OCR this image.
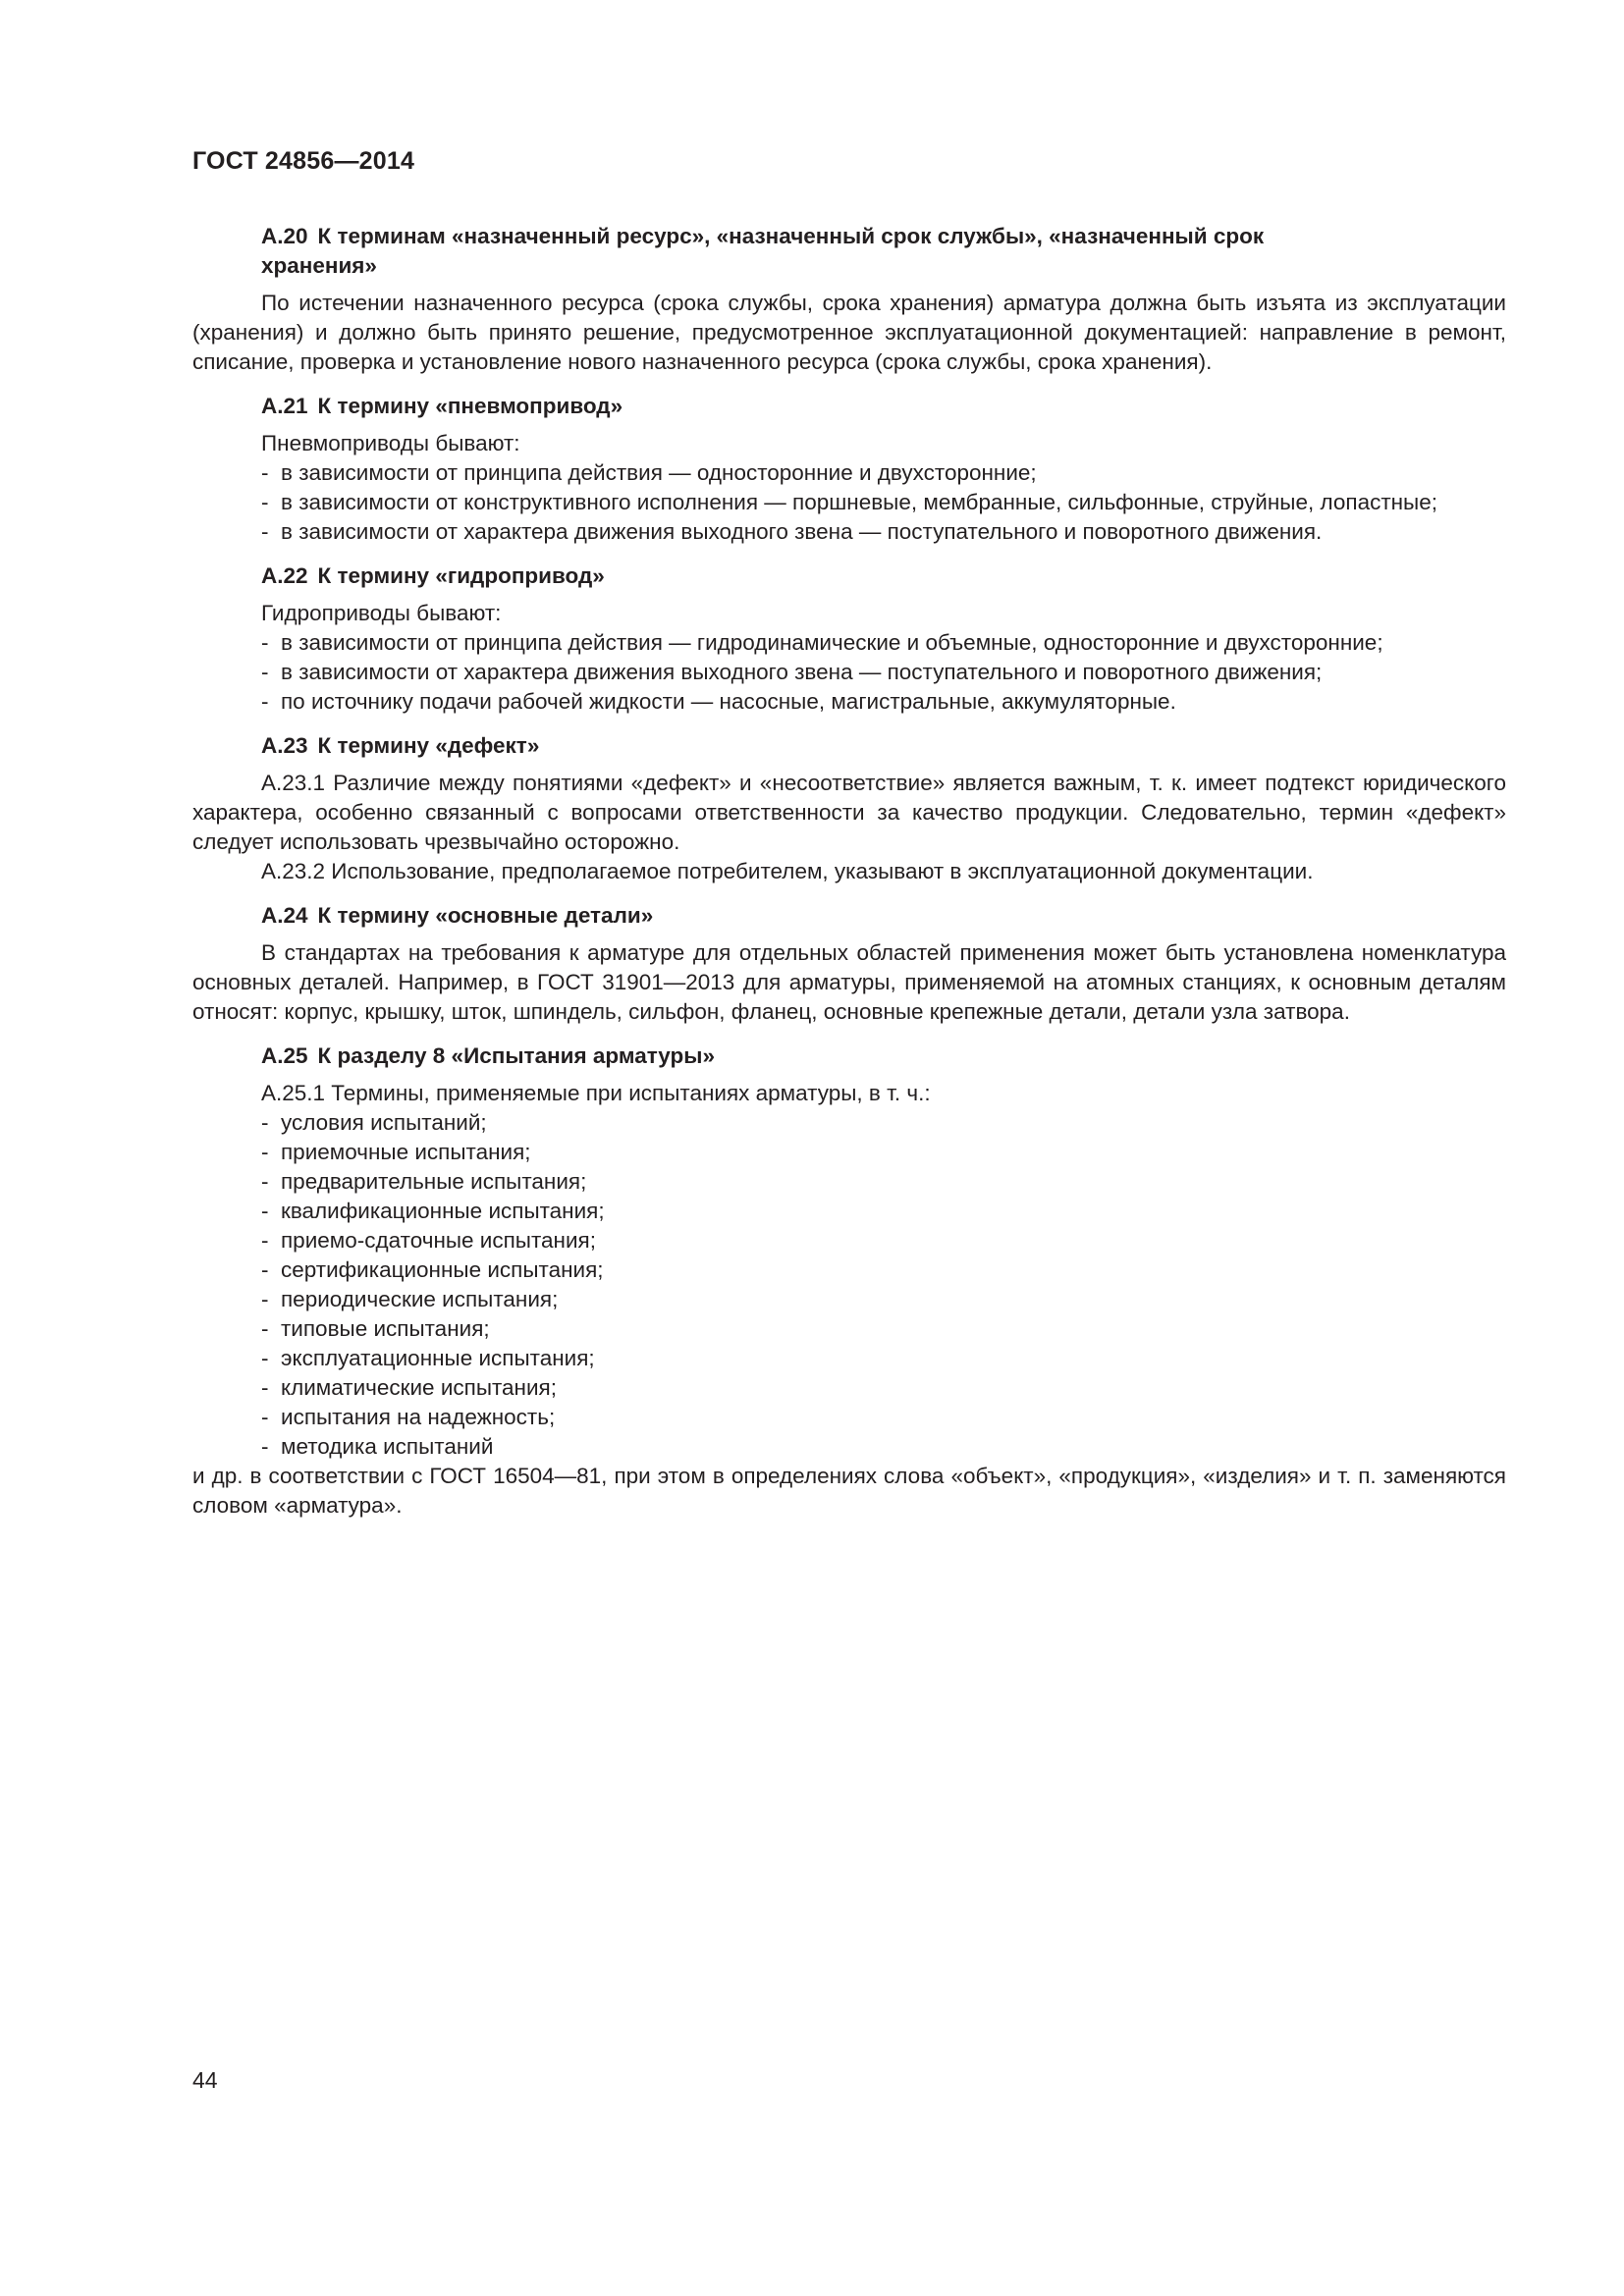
ГОСТ 24856—2014

А.20 К терминам «назначенный ресурс», «назначенный срок службы», «назначенный срок

хранения»

По истечении назначенного ресурса (срока службы, срока хранения) арматура должна быть изъята из эксплуатации (хранения) и должно быть принято решение, предусмотренное эксплуатационной документацией: направление в ремонт, списание, проверка и установление нового назначенного ресурса (срока службы, срока хранения).

А.21 К термину «пневмопривод»

Пневмоприводы бывают:

- в зависимости от принципа действия — односторонние и двухсторонние;

- в зависимости от конструктивного исполнения — поршневые, мембранные, сильфонные, струйные, лопастные;

- в зависимости от характера движения выходного звена — поступательного и поворотного движения.

А.22 К термину «гидропривод»

Гидроприводы бывают:

- в зависимости от принципа действия — гидродинамические и объемные, односторонние и двухсторонние;

- в зависимости от характера движения выходного звена — поступательного и поворотного движения;

- по источнику подачи рабочей жидкости — насосные, магистральные, аккумуляторные.

А.23 К термину «дефект»

А.23.1 Различие между понятиями «дефект» и «несоответствие» является важным, т. к. имеет подтекст юридического характера, особенно связанный с вопросами ответственности за качество продукции. Следовательно, термин «дефект» следует использовать чрезвычайно осторожно.

А.23.2 Использование, предполагаемое потребителем, указывают в эксплуатационной документации.

А.24 К термину «основные детали»

В стандартах на требования к арматуре для отдельных областей применения может быть установлена номенклатура основных деталей. Например, в ГОСТ 31901—2013 для арматуры, применяемой на атомных станциях, к основным деталям относят: корпус, крышку, шток, шпиндель, сильфон, фланец, основные крепежные детали, детали узла затвора.

А.25 К разделу 8 «Испытания арматуры»

А.25.1 Термины, применяемые при испытаниях арматуры, в т. ч.:

- условия испытаний;

- приемочные испытания;

- предварительные испытания;

- квалификационные испытания;

- приемо-сдаточные испытания;

- сертификационные испытания;

- периодические испытания;

- типовые испытания;

- эксплуатационные испытания;

- климатические испытания;

- испытания на надежность;

- методика испытаний

и др. в соответствии с ГОСТ 16504—81, при этом в определениях слова «объект», «продукция», «изделия» и т. п. заменяются словом «арматура».

44
